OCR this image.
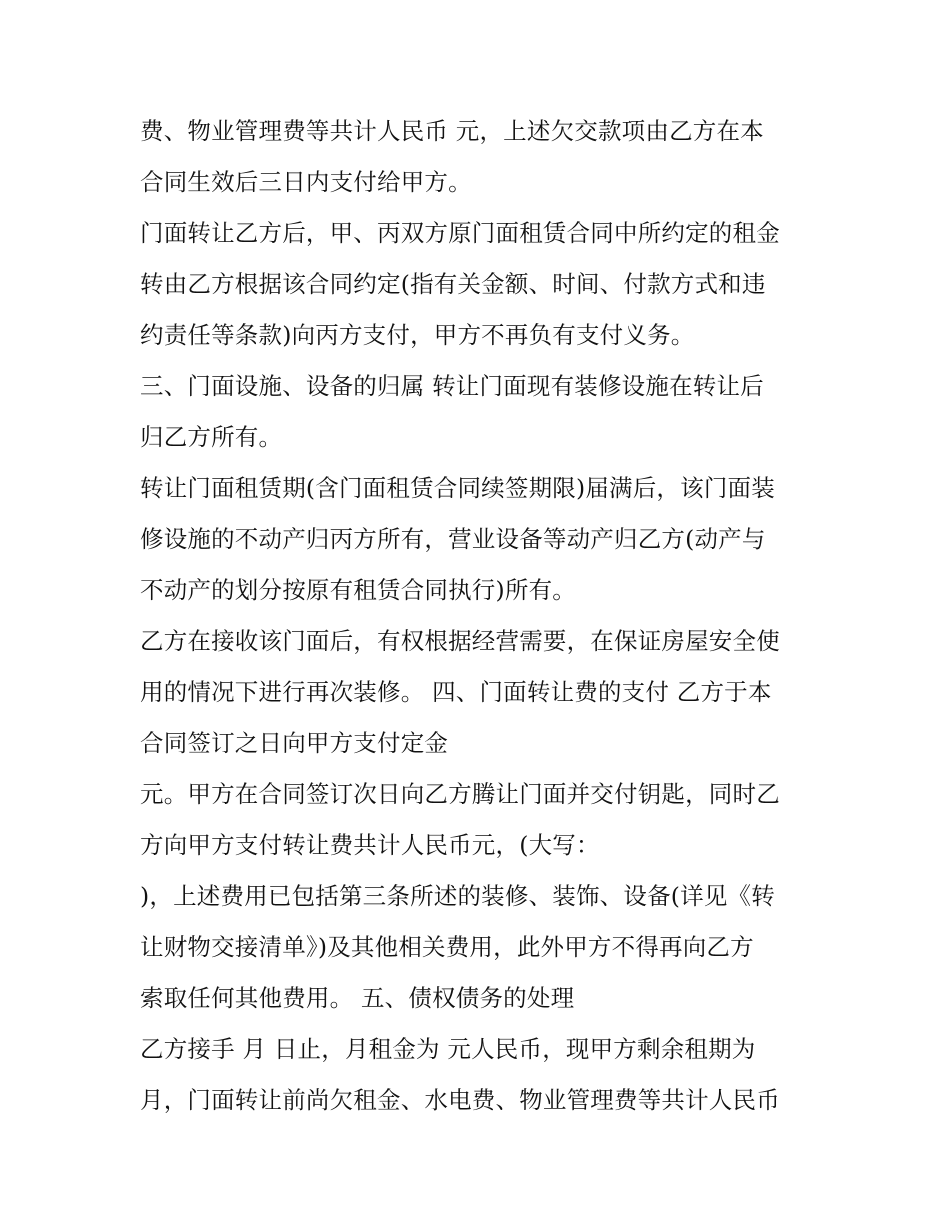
费、物业管理费等共计人民币 元，上述欠交款项由乙方在本
合同生效后三日内支付给甲方。
门面转让乙方后，甲、丙双方原门面租赁合同中所约定的租金
转由乙方根据该合同约定(指有关金额、时间、付款方式和违
约责任等条款)向丙方支付，甲方不再负有支付义务。
三、门面设施、设备的归属 转让门面现有装修设施在转让后
归乙方所有。
转让门面租赁期(含门面租赁合同续签期限)届满后，该门面装
修设施的不动产归丙方所有，营业设备等动产归乙方(动产与
不动产的划分按原有租赁合同执行)所有。
乙方在接收该门面后，有权根据经营需要，在保证房屋安全使
用的情况下进行再次装修。 四、门面转让费的支付 乙方于本
合同签订之日向甲方支付定金
元。甲方在合同签订次日向乙方腾让门面并交付钥匙，同时乙
方向甲方支付转让费共计人民币元，(大写：
)，上述费用已包括第三条所述的装修、装饰、设备(详见《转
让财物交接清单》)及其他相关费用，此外甲方不得再向乙方
索取任何其他费用。 五、债权债务的处理
乙方接手 月 日止，月租金为 元人民币，现甲方剩余租期为
月，门面转让前尚欠租金、水电费、物业管理费等共计人民币
